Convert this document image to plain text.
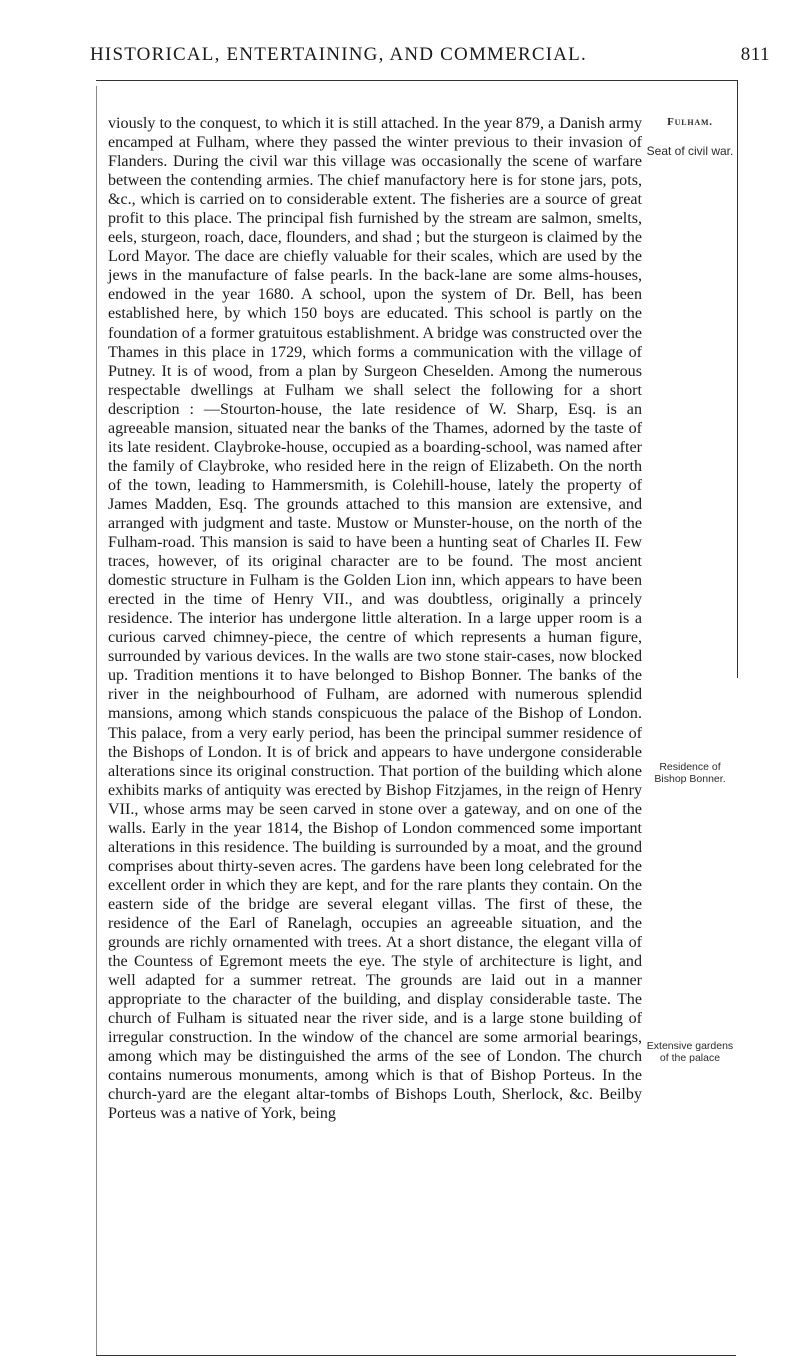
HISTORICAL, ENTERTAINING, AND COMMERCIAL.	811

viously to the conquest, to which it is still attached. In the year 879, a Danish army encamped at Fulham, where they passed the winter previous to their invasion of Flanders. During the civil war this village was occasionally the scene of warfare between the contending armies. The chief manufactory here is for stone jars, pots, &c., which is carried on to considerable extent. The fisheries are a source of great profit to this place. The principal fish furnished by the stream are salmon, smelts, eels, sturgeon, roach, dace, flounders, and shad ; but the sturgeon is claimed by the Lord Mayor. The dace are chiefly valuable for their scales, which are used by the jews in the manufacture of false pearls. In the back-lane are some alms-houses, endowed in the year 1680. A school, upon the system of Dr. Bell, has been established here, by which 150 boys are educated. This school is partly on the foundation of a former gratuitous establishment. A bridge was constructed over the Thames in this place in 1729, which forms a communication with the village of Putney. It is of wood, from a plan by Surgeon Cheselden. Among the numerous respectable dwellings at Fulham we shall select the following for a short description : —Stourton-house, the late residence of W. Sharp, Esq. is an agreeable mansion, situated near the banks of the Thames, adorned by the taste of its late resident. Claybroke-house, occupied as a boarding-school, was named after the family of Claybroke, who resided here in the reign of Elizabeth. On the north of the town, leading to Hammersmith, is Colehill-house, lately the property of James Madden, Esq. The grounds attached to this mansion are extensive, and arranged with judgment and taste. Mustow or Munster-house, on the north of the Fulham-road. This mansion is said to have been a hunting seat of Charles II. Few traces, however, of its original character are to be found. The most ancient domestic structure in Fulham is the Golden Lion inn, which appears to have been erected in the time of Henry VII., and was doubtless, originally a princely residence. The interior has undergone little alteration. In a large upper room is a curious carved chimney-piece, the centre of which represents a human figure, surrounded by various devices. In the walls are two stone stair-cases, now blocked up. Tradition mentions it to have belonged to Bishop Bonner. The banks of the river in the neighbourhood of Fulham, are adorned with numerous splendid mansions, among which stands conspicuous the palace of the Bishop of London. This palace, from a very early period, has been the principal summer residence of the Bishops of London. It is of brick and appears to have undergone considerable alterations since its original construction. That portion of the building which alone exhibits marks of antiquity was erected by Bishop Fitzjames, in the reign of Henry VII., whose arms may be seen carved in stone over a gateway, and on one of the walls. Early in the year 1814, the Bishop of London commenced some important alterations in this residence. The building is surrounded by a moat, and the ground comprises about thirty-seven acres. The gardens have been long celebrated for the excellent order in which they are kept, and for the rare plants they contain. On the eastern side of the bridge are several elegant villas. The first of these, the residence of the Earl of Ranelagh, occupies an agreeable situation, and the grounds are richly ornamented with trees. At a short distance, the elegant villa of the Countess of Egremont meets the eye. The style of architecture is light, and well adapted for a summer retreat. The grounds are laid out in a manner appropriate to the character of the building, and display considerable taste. The church of Fulham is situated near the river side, and is a large stone building of irregular construction. In the window of the chancel are some armorial bearings, among which may be distinguished the arms of the see of London. The church contains numerous monuments, among which is that of Bishop Porteus. In the church-yard are the elegant altar-tombs of Bishops Louth, Sherlock, &c. Beilby Porteus was a native of York, being

Fulham.
Seat of civil war.
Residence of Bishop Bonner.
Extensive gardens of the palace
